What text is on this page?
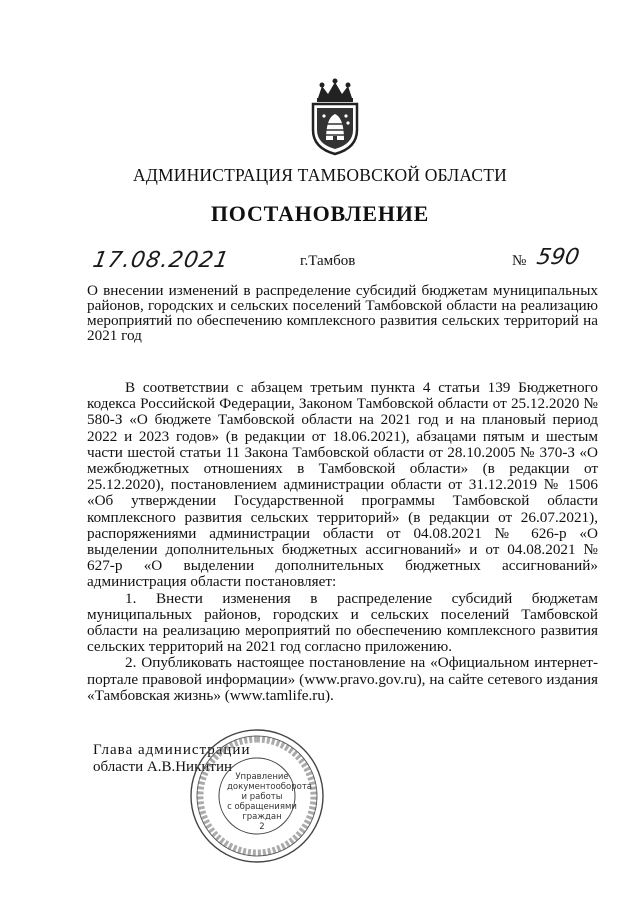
АДМИНИСТРАЦИЯ ТАМБОВСКОЙ ОБЛАСТИ
ПОСТАНОВЛЕНИЕ
17.08.2021	г.Тамбов	№ 590
О внесении изменений в распределение субсидий бюджетам муниципальных районов, городских и сельских поселений Тамбовской области на реализацию мероприятий по обеспечению комплексного развития сельских территорий на 2021 год

В соответствии с абзацем третьим пункта 4 статьи 139 Бюджетного кодекса Российской Федерации, Законом Тамбовской области от 25.12.2020 № 580-З «О бюджете Тамбовской области на 2021 год и на плановый период 2022 и 2023 годов» (в редакции от 18.06.2021), абзацами пятым и шестым части шестой статьи 11 Закона Тамбовской области от 28.10.2005 № 370-З «О межбюджетных отношениях в Тамбовской области» (в редакции от 25.12.2020), постановлением администрации области от 31.12.2019 № 1506 «Об утверждении Государственной программы Тамбовской области комплексного развития сельских территорий» (в редакции от 26.07.2021), распоряжениями администрации области от 04.08.2021 № 626-р «О выделении дополнительных бюджетных ассигнований» и от 04.08.2021 № 627-р «О выделении дополнительных бюджетных ассигнований» администрация области постановляет:

1. Внести изменения в распределение субсидий бюджетам муниципальных районов, городских и сельских поселений Тамбовской области на реализацию мероприятий по обеспечению комплексного развития сельских территорий на 2021 год согласно приложению.

2. Опубликовать настоящее постановление на «Официальном интернет-портале правовой информации» (www.pravo.gov.ru), на сайте сетевого издания «Тамбовская жизнь» (www.tamlife.ru).

Глава администрации
области А.В.Никитин
Управление
документооборота
и работы
с обращениями
граждан
2
